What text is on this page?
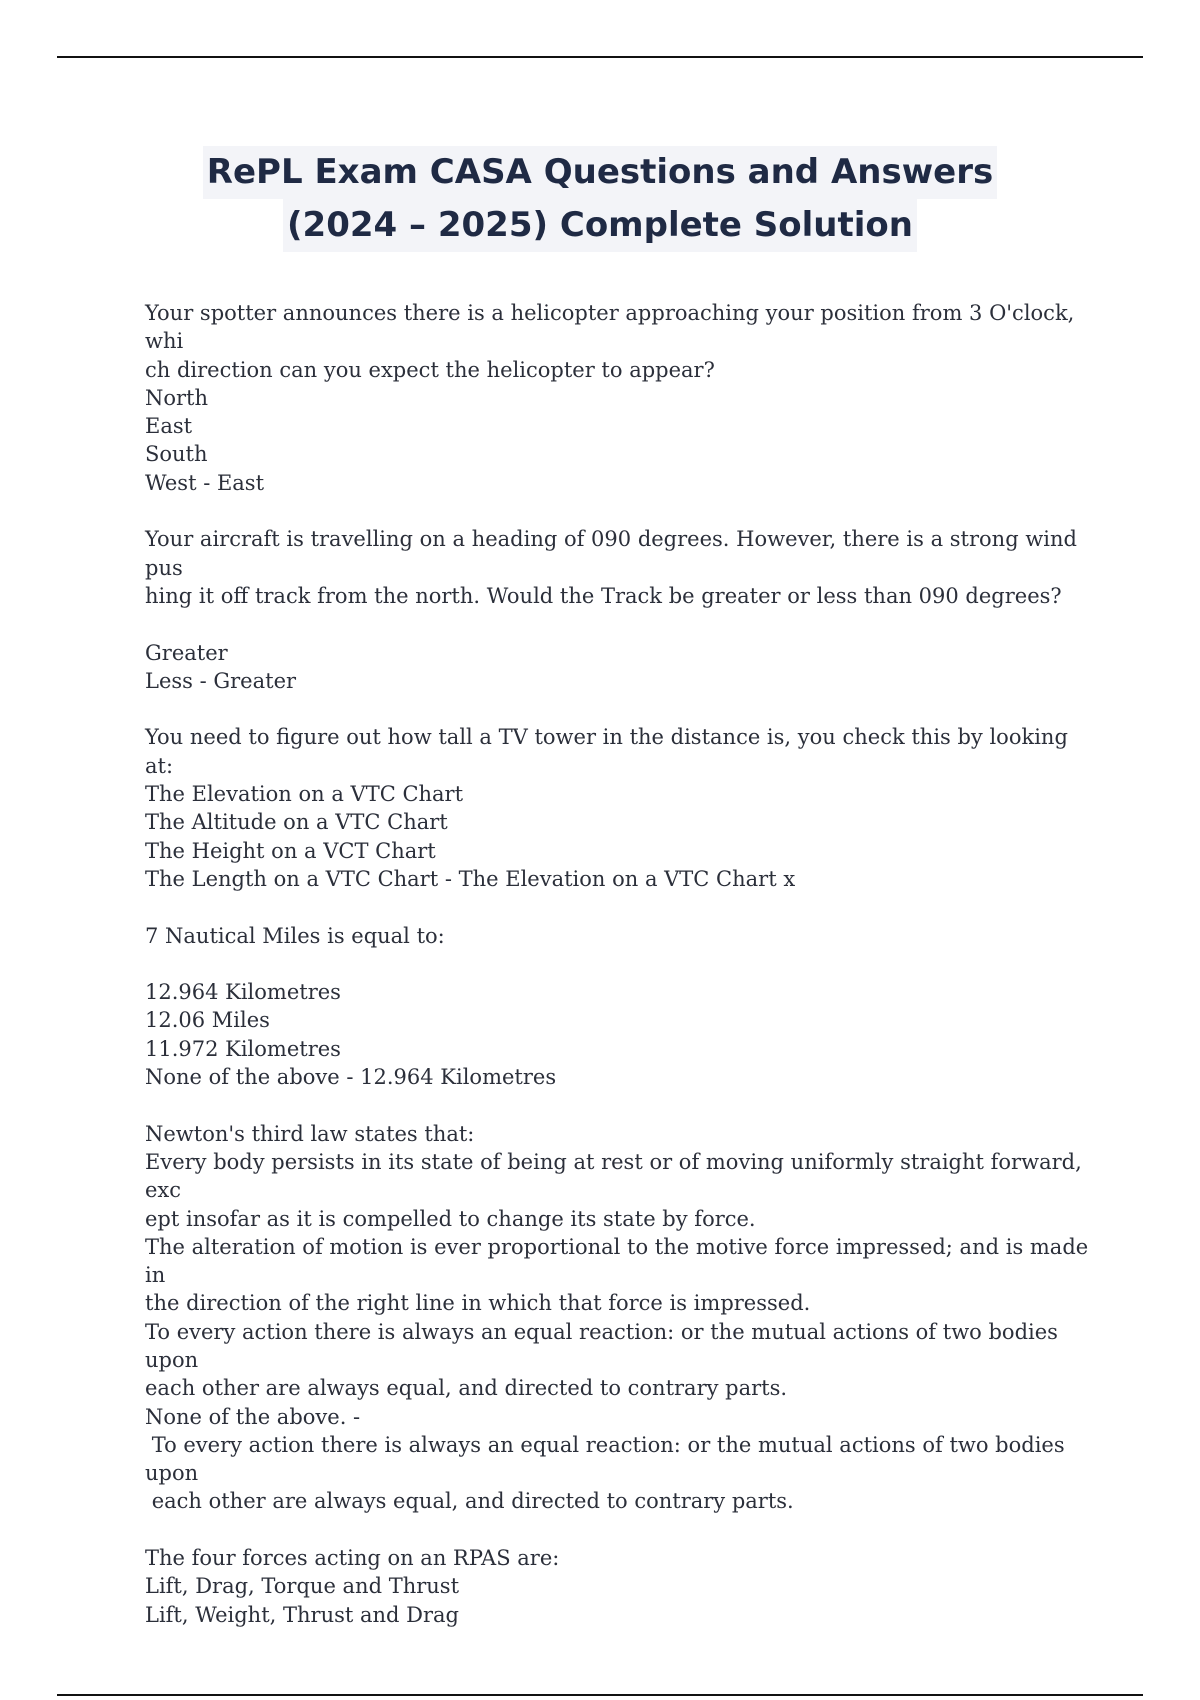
RePL Exam CASA Questions and Answers
(2024 – 2025) Complete Solution
Your spotter announces there is a helicopter approaching your position from 3 O'clock, whi
ch direction can you expect the helicopter to appear?
North
East
South
West - East
Your aircraft is travelling on a heading of 090 degrees. However, there is a strong wind pus
hing it off track from the north. Would the Track be greater or less than 090 degrees?

Greater
Less - Greater
You need to figure out how tall a TV tower in the distance is, you check this by looking at:
The Elevation on a VTC Chart
The Altitude on a VTC Chart
The Height on a VCT Chart
The Length on a VTC Chart - The Elevation on a VTC Chart x
7 Nautical Miles is equal to:

12.964 Kilometres
12.06 Miles
11.972 Kilometres
None of the above - 12.964 Kilometres
Newton's third law states that:
Every body persists in its state of being at rest or of moving uniformly straight forward, exc
ept insofar as it is compelled to change its state by force.
The alteration of motion is ever proportional to the motive force impressed; and is made in
the direction of the right line in which that force is impressed.
To every action there is always an equal reaction: or the mutual actions of two bodies upon
each other are always equal, and directed to contrary parts.
None of the above. -
To every action there is always an equal reaction: or the mutual actions of two bodies upon
each other are always equal, and directed to contrary parts.
The four forces acting on an RPAS are:
Lift, Drag, Torque and Thrust
Lift, Weight, Thrust and Drag
